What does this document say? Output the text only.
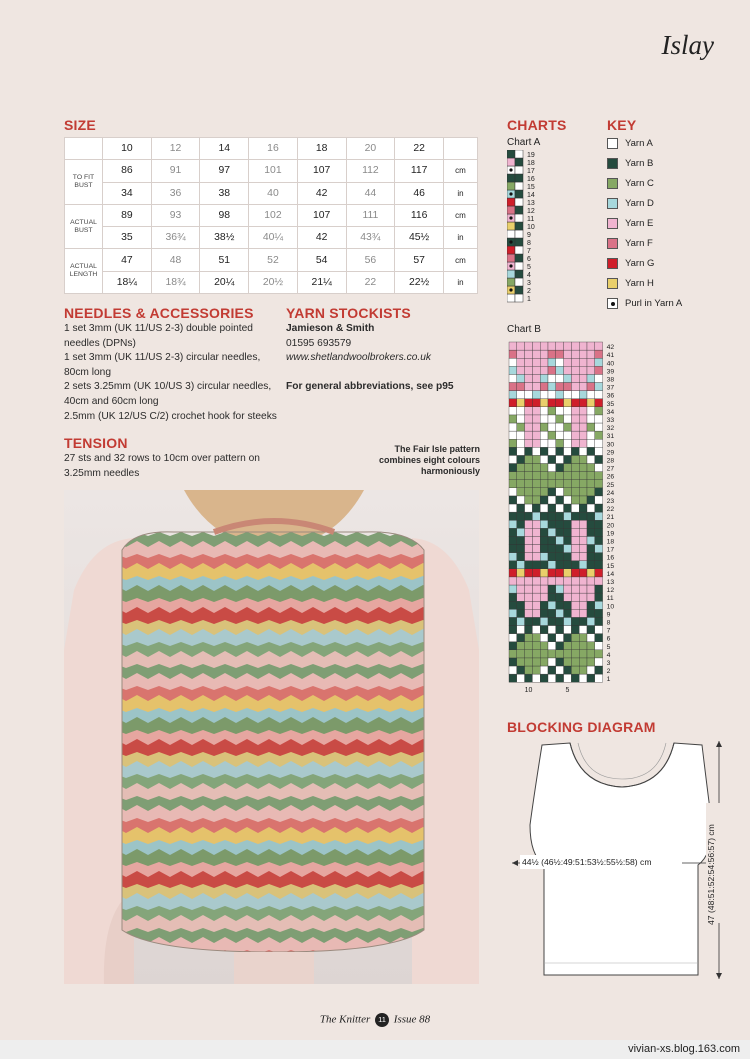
Islay
SIZE
	10	12	14	16	18	20	22	
TO FIT BUST	86	91	97	101	107	112	117	cm
	34	36	38	40	42	44	46	in
ACTUAL BUST	89	93	98	102	107	111	116	cm
	35	36¾	38½	40¼	42	43¾	45½	in
ACTUAL LENGTH	47	48	51	52	54	56	57	cm
	18¼	18¾	20¼	20½	21¼	22	22½	in
NEEDLES & ACCESSORIES
1 set 3mm (UK 11/US 2-3) double pointed
needles (DPNs)
1 set 3mm (UK 11/US 2-3) circular needles,
80cm long
2 sets 3.25mm (UK 10/US 3) circular needles,
40cm and 60cm long
2.5mm (UK 12/US C/2) crochet hook for steeks
YARN STOCKISTS
Jamieson & Smith
01595 693579
www.shetlandwoolbrokers.co.uk
For general abbreviations, see p95
TENSION
27 sts and 32 rows to 10cm over pattern on
3.25mm needles
The Fair Isle pattern
combines eight colours
harmoniously
CHARTS
Chart A
1
2
3
4
5
6
7
8
9
10
11
12
13
14
15
16
17
18
19
Chart B
1
2
3
4
5
6
7
8
9
10
11
12
13
14
15
16
17
18
19
20
21
22
23
24
25
26
27
28
29
30
31
32
33
34
35
36
37
38
39
40
41
42
10	5
KEY
Yarn A
Yarn B
Yarn C
Yarn D
Yarn E
Yarn F
Yarn G
Yarn H
Purl in Yarn A
BLOCKING DIAGRAM
44½ (46½:49:51:53½:55½:58) cm	47 (48:51:52:54:56:57) cm
The Knitter 11 Issue 88
vivian-xs.blog.163.com
